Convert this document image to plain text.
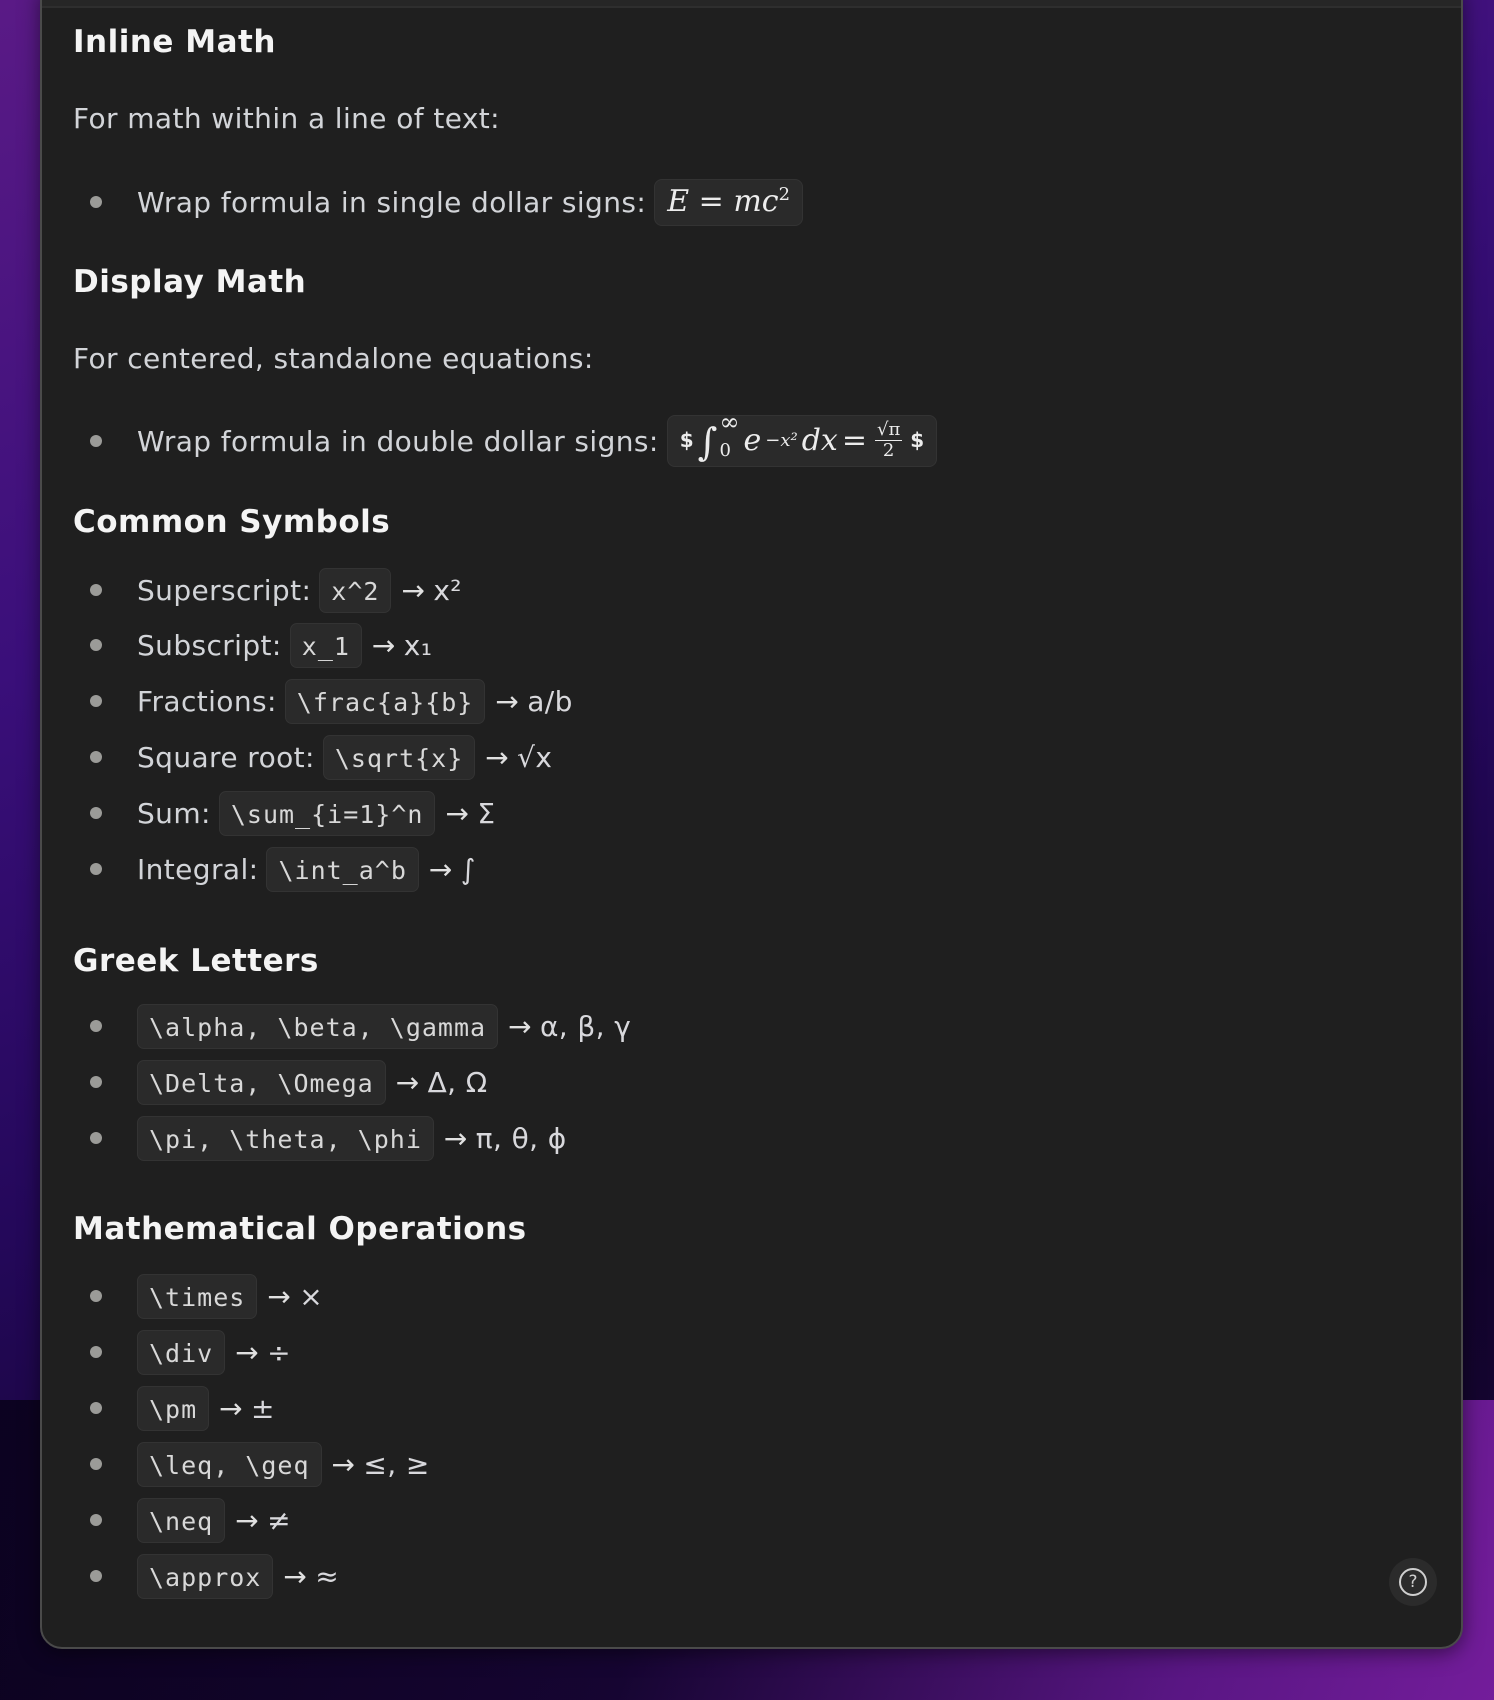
Inline Math

For math within a line of text:

Wrap formula in single dollar signs: $E = mc^2$
Display Math

For centered, standalone equations:

Wrap formula in double dollar signs: $ ∫ ∞
0 e −x² dx = $\frac{√\pi}{2}$ $
Common Symbols
Superscript: x^2 → x²
Subscript: x_1 → x₁
Fractions: \frac{a}{b} → a/b
Square root: \sqrt{x} → √x
Sum: \sum_{i=1}^n → Σ
Integral: \int_a^b → ∫
Greek Letters
\alpha, \beta, \gamma → α, β, γ
\Delta, \Omega → Δ, Ω
\pi, \theta, \phi → π, θ, ϕ
Mathematical Operations
\times → ×
\div → ÷
\pm → ±
\leq, \geq → ≤, ≥
\neq → ≠
\approx → ≈	?
